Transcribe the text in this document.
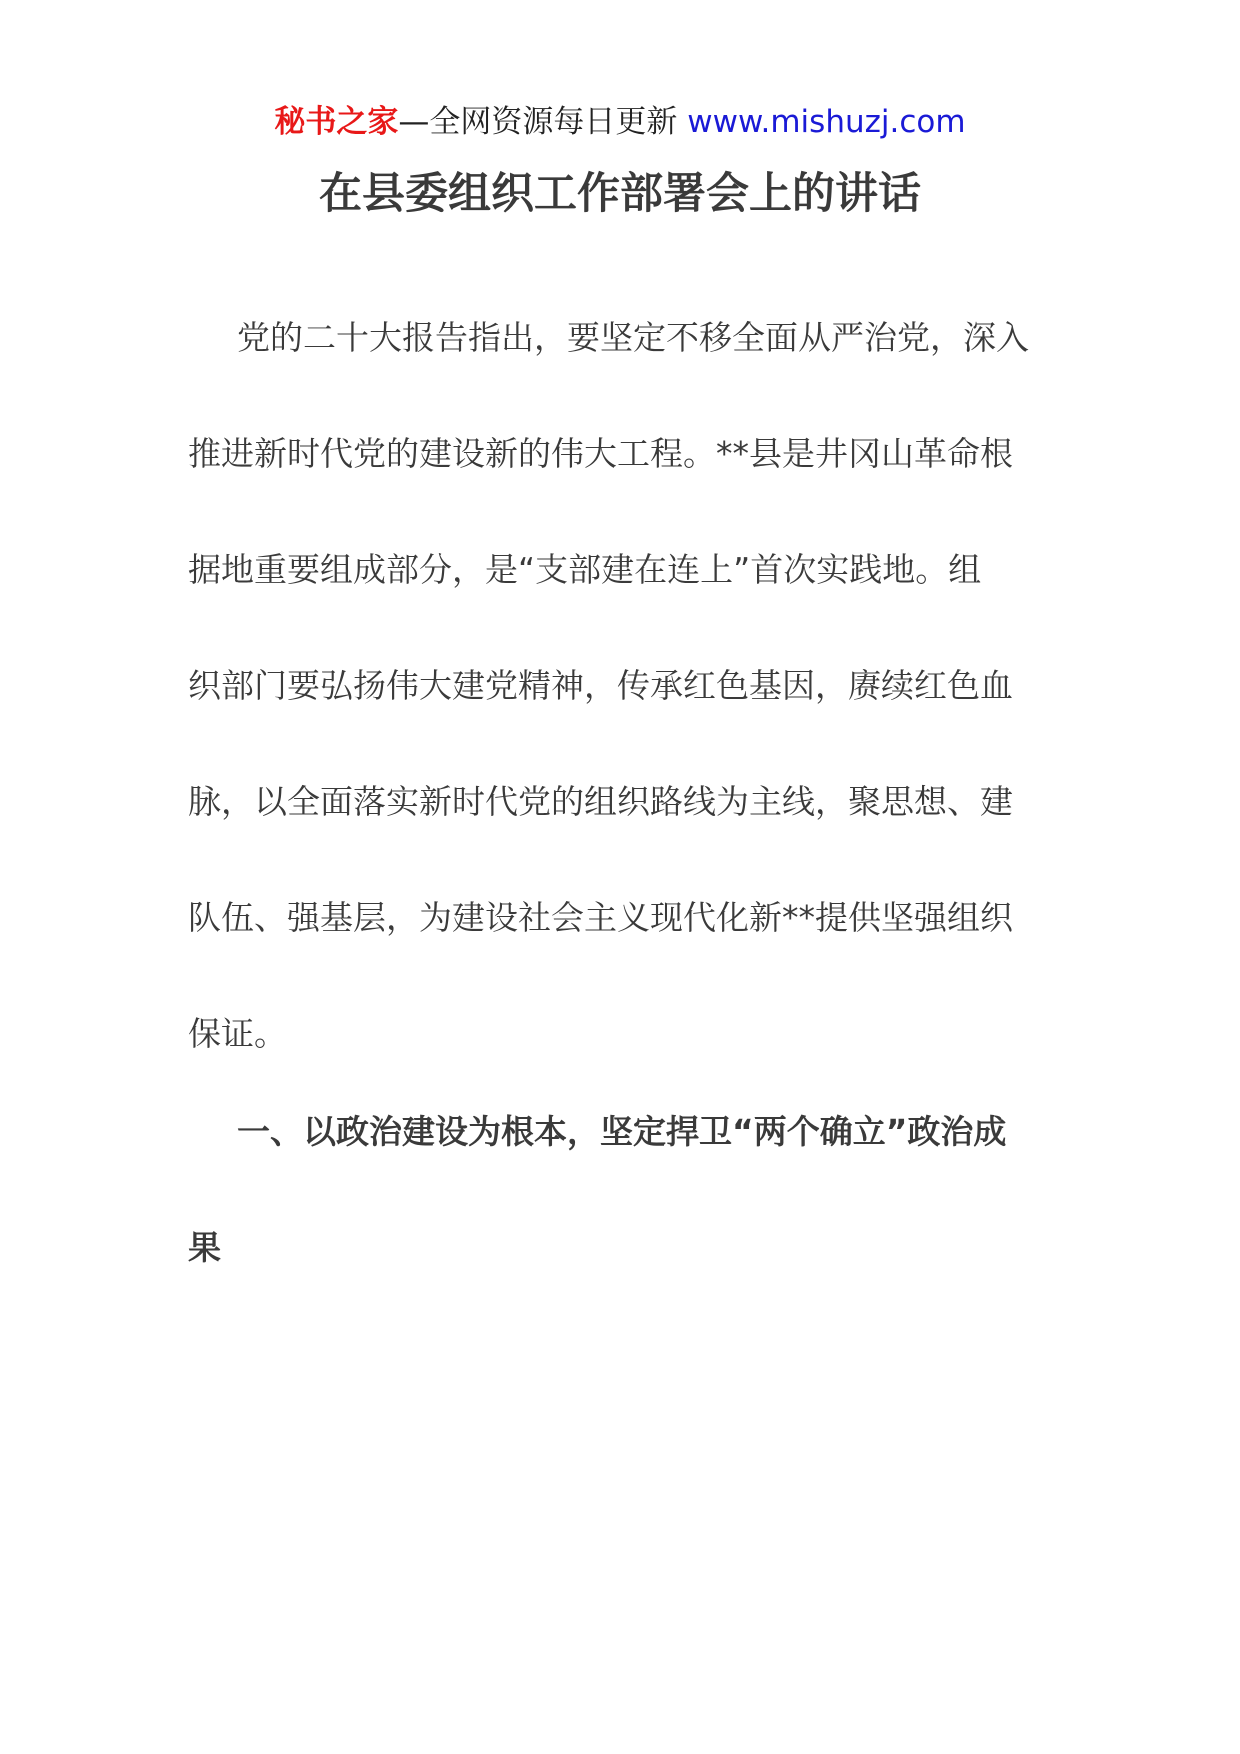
秘书之家—全网资源每日更新 www.mishuzj.com
在县委组织工作部署会上的讲话

党的二十大报告指出，要坚定不移全面从严治党，深入

推进新时代党的建设新的伟大工程。**县是井冈山革命根

据地重要组成部分，是“支部建在连上”首次实践地。组

织部门要弘扬伟大建党精神，传承红色基因，赓续红色血

脉，以全面落实新时代党的组织路线为主线，聚思想、建

队伍、强基层，为建设社会主义现代化新**提供坚强组织

保证。

一、以政治建设为根本，坚定捍卫“两个确立”政治成

果
